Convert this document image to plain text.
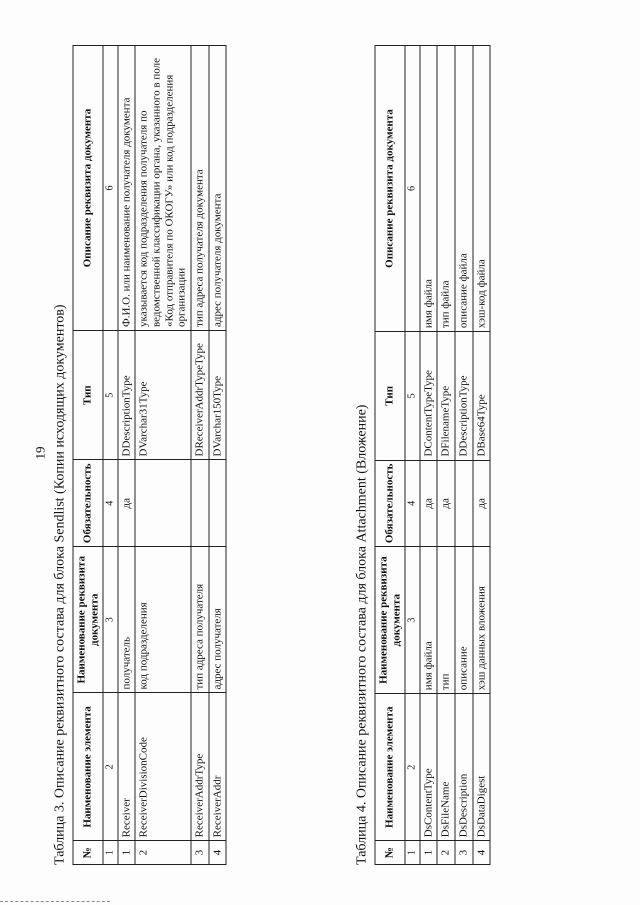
19 Таблица 3. Описание реквизитного состава для блока Sendlist (Копии исходящих документов) №	Наименование элемента	Наименование реквизита документа	Обязательность	Тип	Описание реквизита документа
1	2	3	4	5	6
1	Receiver	получатель	да	DDescriptionType	Ф.И.О. или наименование получателя документа
2	ReceiverDivisionCode	код подразделения		DVarchar31Type	указывается код подразделения получателя по ведомственной классификации органа, указанного в поле «Код отправителя по ОКОГУ» или код подразделения организации
3	ReceiverAddrType	тип адреса получателя		DReceiverAddrTypeType	тип адреса получателя документа
4	ReceiverAddr	адрес получателя		DVarchar150Type	адрес получателя документа
Таблица 4. Описание реквизитного состава для блока Attachment (Вложение) №	Наименование элемента	Наименование реквизита документа	Обязательность	Тип	Описание реквизита документа
1	2	3	4	5	6
1	DsContentType	имя файла	да	DContentTypeType	имя файла
2	DsFileName	тип	да	DFilenameType	тип файла
3	DsDescription	описание		DDescriptionType	описание файла
4	DsDataDigest	хэш данных вложения	да	DBase64Type	хэш-код файла
